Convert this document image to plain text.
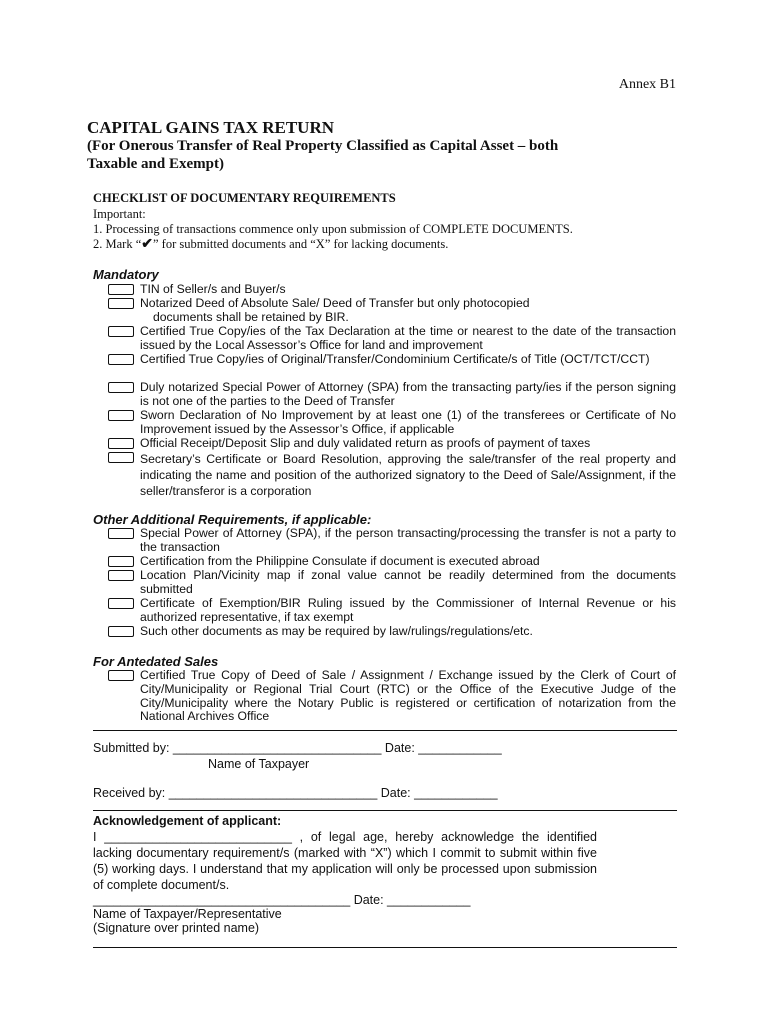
Annex B1
CAPITAL GAINS TAX RETURN
(For Onerous Transfer of Real Property Classified as Capital Asset – both Taxable and Exempt)
CHECKLIST OF DOCUMENTARY REQUIREMENTS
Important:
1. Processing of transactions commence only upon submission of COMPLETE DOCUMENTS.
2. Mark “✔” for submitted documents and “X” for lacking documents.
Mandatory
TIN of Seller/s and Buyer/s
Notarized Deed of Absolute Sale/ Deed of Transfer but only photocopied
documents shall be retained by BIR.
Certified True Copy/ies of the Tax Declaration at the time or nearest to the date of the transaction issued by the Local Assessor’s Office for land and improvement
Certified True Copy/ies of Original/Transfer/Condominium Certificate/s of Title (OCT/TCT/CCT)
Duly notarized Special Power of Attorney (SPA) from the transacting party/ies if the person signing is not one of the parties to the Deed of Transfer
Sworn Declaration of No Improvement by at least one (1) of the transferees or Certificate of No Improvement issued by the Assessor’s Office, if applicable
Official Receipt/Deposit Slip and duly validated return as proofs of payment of taxes
Secretary’s Certificate or Board Resolution, approving the sale/transfer of the real property and indicating the name and position of the authorized signatory to the Deed of Sale/Assignment, if the seller/transferor is a corporation
Other Additional Requirements, if applicable:
Special Power of Attorney (SPA), if the person transacting/processing the transfer is not a party to the transaction
Certification from the Philippine Consulate if document is executed abroad
Location Plan/Vicinity map if zonal value cannot be readily determined from the documents submitted
Certificate of Exemption/BIR Ruling issued by the Commissioner of Internal Revenue or his authorized representative, if tax exempt
Such other documents as may be required by law/rulings/regulations/etc.
For Antedated Sales
Certified True Copy of Deed of Sale / Assignment / Exchange issued by the Clerk of Court of City/Municipality or Regional Trial Court (RTC) or the Office of the Executive Judge of the City/Municipality where the Notary Public is registered or certification of notarization from the National Archives Office
Submitted by: ______________________________ Date: ____________
Name of Taxpayer
Received by: ______________________________ Date: ____________
Acknowledgement of applicant:

I ___________________________ , of legal age, hereby acknowledge the identified lacking documentary requirement/s (marked with “X”) which I commit to submit within five (5) working days. I understand that my application will only be processed upon submission of complete document/s.

_____________________________________ Date: ____________
Name of Taxpayer/Representative
(Signature over printed name)
